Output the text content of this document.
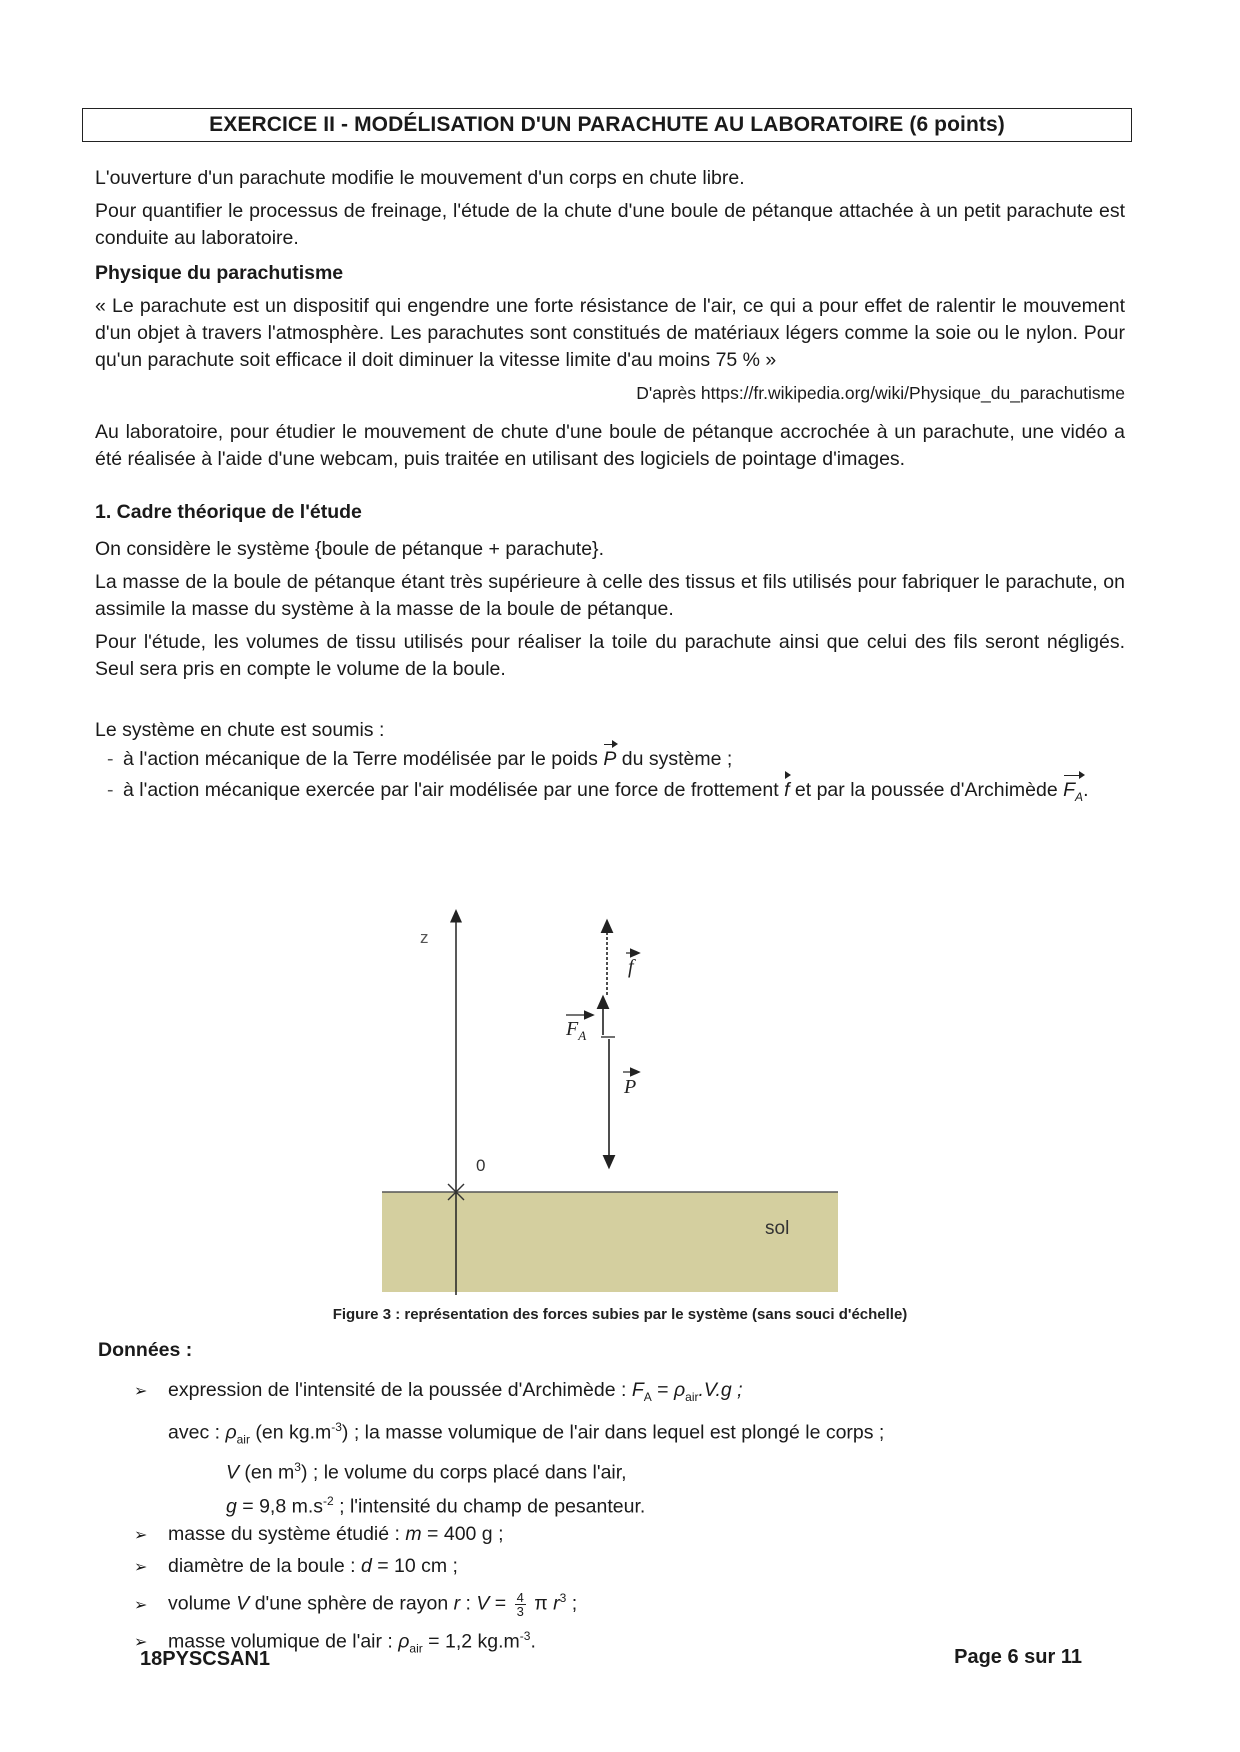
EXERCICE II - MODÉLISATION D'UN PARACHUTE AU LABORATOIRE (6 points)

L'ouverture d'un parachute modifie le mouvement d'un corps en chute libre.

Pour quantifier le processus de freinage, l'étude de la chute d'une boule de pétanque attachée à un petit parachute est conduite au laboratoire.

Physique du parachutisme

« Le parachute est un dispositif qui engendre une forte résistance de l'air, ce qui a pour effet de ralentir le mouvement d'un objet à travers l'atmosphère. Les parachutes sont constitués de matériaux légers comme la soie ou le nylon. Pour qu'un parachute soit efficace il doit diminuer la vitesse limite d'au moins 75 % »

D'après https://fr.wikipedia.org/wiki/Physique_du_parachutisme

Au laboratoire, pour étudier le mouvement de chute d'une boule de pétanque accrochée à un parachute, une vidéo a été réalisée à l'aide d'une webcam, puis traitée en utilisant des logiciels de pointage d'images.

1. Cadre théorique de l'étude

On considère le système {boule de pétanque + parachute}.

La masse de la boule de pétanque étant très supérieure à celle des tissus et fils utilisés pour fabriquer le parachute, on assimile la masse du système à la masse de la boule de pétanque.

Pour l'étude, les volumes de tissu utilisés pour réaliser la toile du parachute ainsi que celui des fils seront négligés. Seul sera pris en compte le volume de la boule.

Le système en chute est soumis :

- à l'action mécanique de la Terre modélisée par le poids P du système ;
- à l'action mécanique exercée par l'air modélisée par une force de frottement f et par la poussée d'Archimède $F_A$.
z
0
sol
f
$F_A$
P
Figure 3 : représentation des forces subies par le système (sans souci d'échelle)
Données :
➢ expression de l'intensité de la poussée d'Archimède : $F_A = \rho_{air}.V.g$ ;
avec : $\rho_{air}$ (en $kg.m^{-3}$) ; la masse volumique de l'air dans lequel est plongé le corps ;
V (en $m^3$) ; le volume du corps placé dans l'air,
g = 9,8 $m.s^{-2}$ ; l'intensité du champ de pesanteur.
➢ masse du système étudié : m = 400 g ;
➢ diamètre de la boule : d = 10 cm ;
➢ volume V d'une sphère de rayon r : $V = \frac{4}{3}$ π $r^3$ ;
➢ masse volumique de l'air : $\rho_{air} = 1,2$ $kg.m^{-3}$.
18PYSCSAN1	Page 6 sur 11
